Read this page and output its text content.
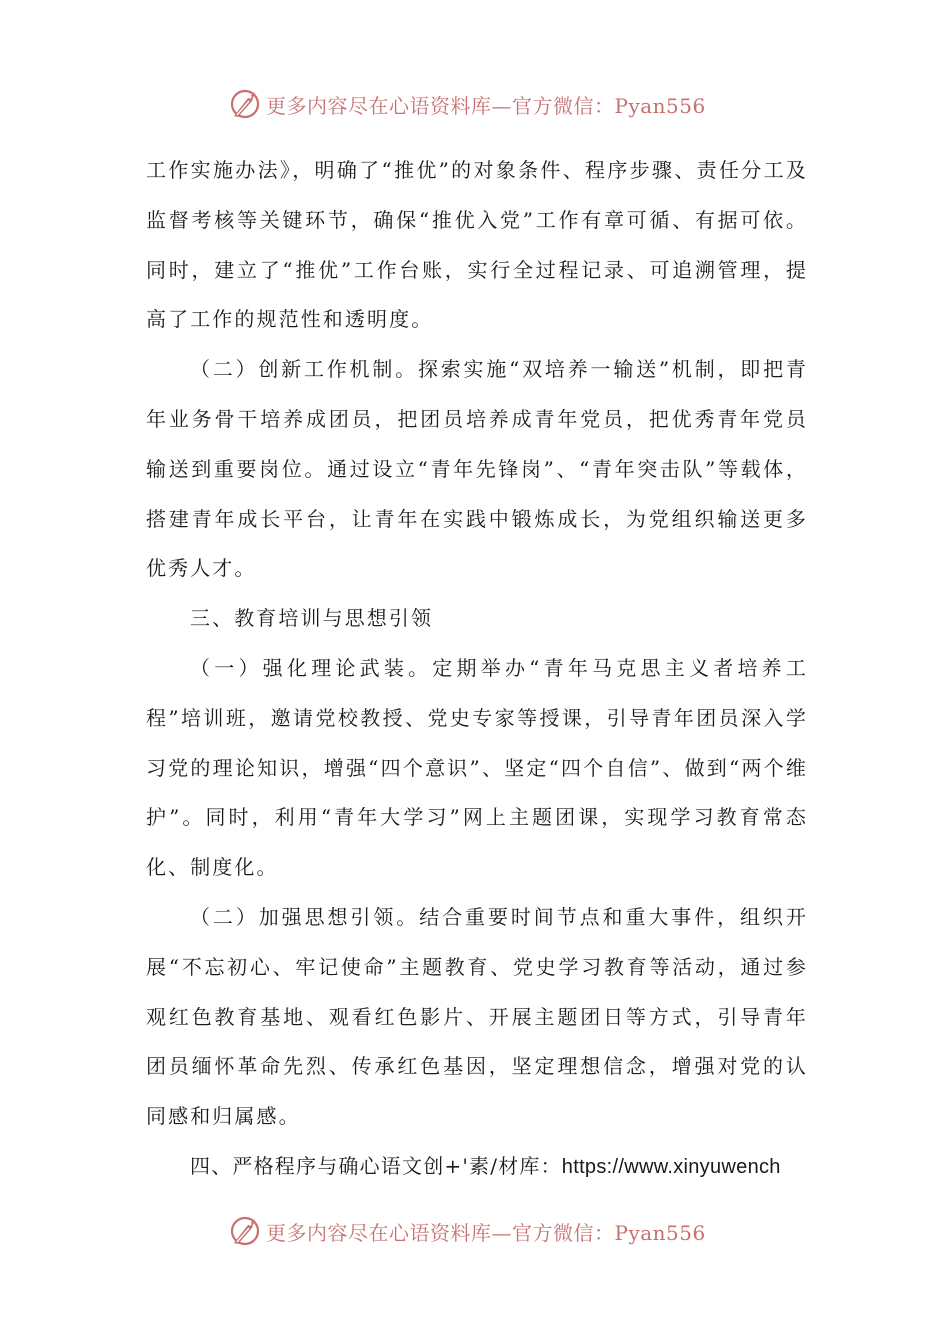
更多内容尽在心语资料库—官方微信：Pyan556

工作实施办法》，明确了“推优”的对象条件、程序步骤、责任分工及监督考核等关键环节，确保“推优入党”工作有章可循、有据可依。同时，建立了“推优”工作台账，实行全过程记录、可追溯管理，提高了工作的规范性和透明度。

（二）创新工作机制。探索实施“双培养一输送”机制，即把青年业务骨干培养成团员，把团员培养成青年党员，把优秀青年党员输送到重要岗位。通过设立“青年先锋岗”、“青年突击队”等载体，搭建青年成长平台，让青年在实践中锻炼成长，为党组织输送更多优秀人才。

三、教育培训与思想引领

（一）强化理论武装。定期举办“青年马克思主义者培养工程”培训班，邀请党校教授、党史专家等授课，引导青年团员深入学习党的理论知识，增强“四个意识”、坚定“四个自信”、做到“两个维护”。同时，利用“青年大学习”网上主题团课，实现学习教育常态化、制度化。

（二）加强思想引领。结合重要时间节点和重大事件，组织开展“不忘初心、牢记使命”主题教育、党史学习教育等活动，通过参观红色教育基地、观看红色影片、开展主题团日等方式，引导青年团员缅怀革命先烈、传承红色基因，坚定理想信念，增强对党的认同感和归属感。

四、严格程序与确心语文创+'素/材库：https://www.xinyuwench

更多内容尽在心语资料库—官方微信：Pyan556
